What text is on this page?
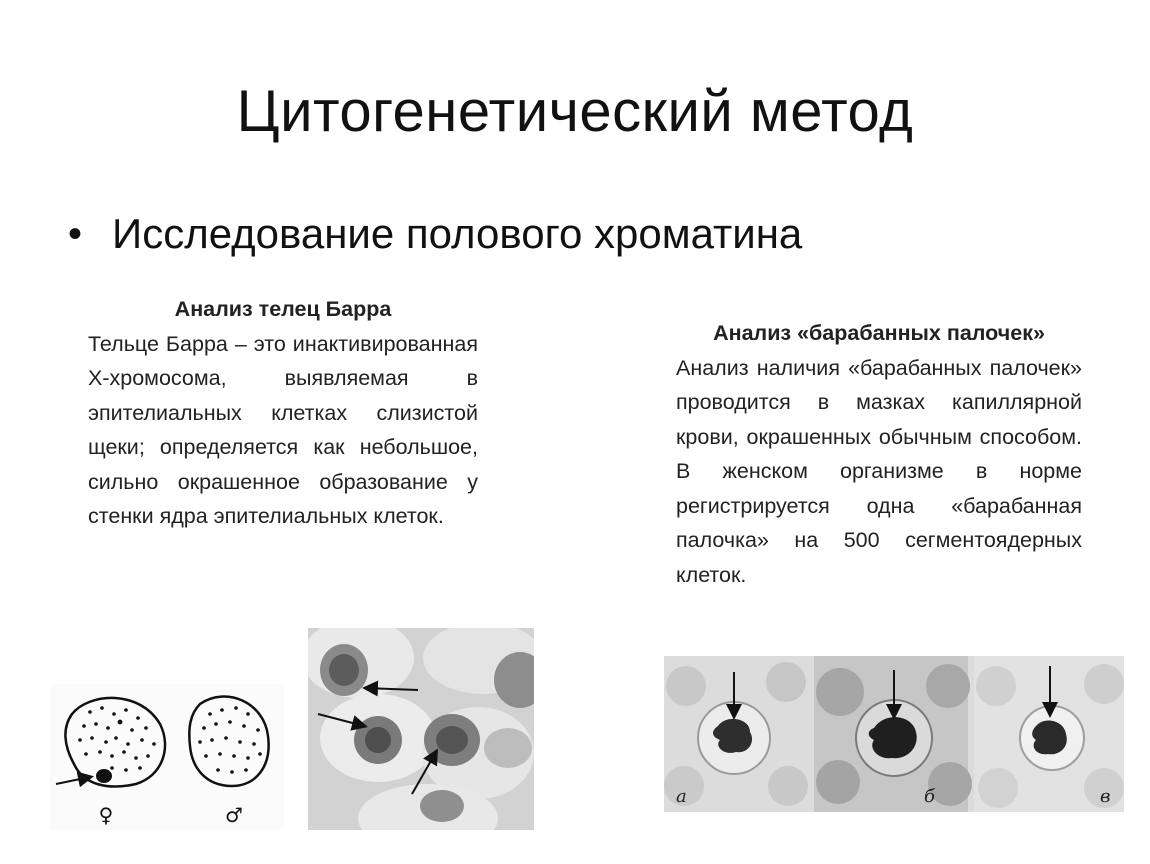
Цитогенетический метод
• Исследование полового хроматина
Анализ телец Барра
Тельце Барра – это инактивированная Х-хромосома, выявляемая в эпителиальных клетках слизистой щеки; определяется как небольшое, сильно окрашенное образование у стенки ядра эпителиальных клеток.
Анализ «барабанных палочек»
Анализ наличия «барабанных палочек» проводится в мазках капиллярной крови, окрашенных обычным способом. В женском организме в норме регистрируется одна «барабанная палочка» на 500 сегментоядерных клеток.
♀	♂
а	б	в
